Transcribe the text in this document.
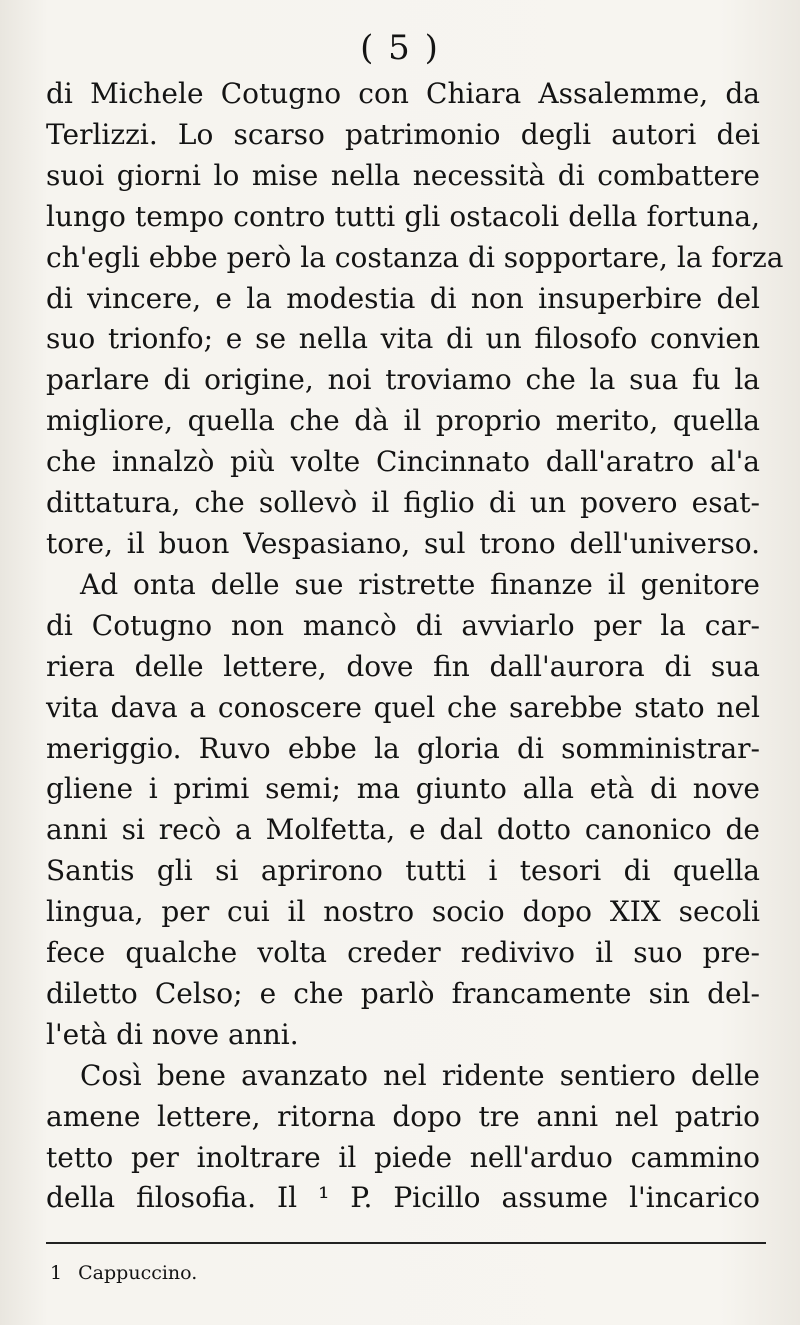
( 5 )
di Michele Cotugno con Chiara Assalemme, da
Terlizzi. Lo scarso patrimonio degli autori dei
suoi giorni lo mise nella necessità di combattere
lungo tempo contro tutti gli ostacoli della fortuna,
ch'egli ebbe però la costanza di sopportare, la forza
di vincere, e la modestia di non insuperbire del
suo trionfo; e se nella vita di un filosofo convien
parlare di origine, noi troviamo che la sua fu la
migliore, quella che dà il proprio merito, quella
che innalzò più volte Cincinnato dall'aratro al'a
dittatura, che sollevò il figlio di un povero esat-
tore, il buon Vespasiano, sul trono dell'universo.
Ad onta delle sue ristrette finanze il genitore
di Cotugno non mancò di avviarlo per la car-
riera delle lettere, dove fin dall'aurora di sua
vita dava a conoscere quel che sarebbe stato nel
meriggio. Ruvo ebbe la gloria di somministrar-
gliene i primi semi; ma giunto alla età di nove
anni si recò a Molfetta, e dal dotto canonico de
Santis gli si aprirono tutti i tesori di quella
lingua, per cui il nostro socio dopo XIX secoli
fece qualche volta creder redivivo il suo pre-
diletto Celso; e che parlò francamente sin del-
l'età di nove anni.
Così bene avanzato nel ridente sentiero delle
amene lettere, ritorna dopo tre anni nel patrio
tetto per inoltrare il piede nell'arduo cammino
della filosofia. Il ¹ P. Picillo assume l'incarico
1 Cappuccino.
